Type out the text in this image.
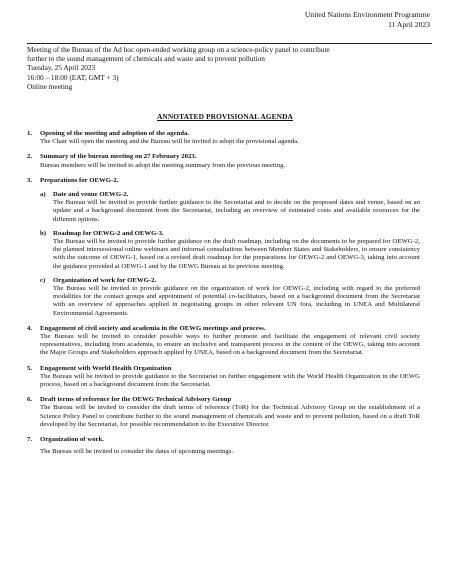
United Nations Environment Programme
11 April 2023
Meeting of the Bureau of the Ad hoc open-ended working group on a science-policy panel to contribute
further to the sound management of chemicals and waste and to prevent pollution
Tuesday, 25 April 2023
16:00 – 18:00 (EAT; GMT + 3)
Online meeting
ANNOTATED PROVISIONAL AGENDA
1. Opening of the meeting and adoption of the agenda.
The Chair will open the meeting and the Bureau will be invited to adopt the provisional agenda.
2. Summary of the bureau meeting on 27 February 2023.
Bureau members will be invited to adopt the meeting summary from the previous meeting.
3. Preparations for OEWG-2.
a) Date and venue OEWG-2.
The Bureau will be invited to provide further guidance to the Secretariat and to decide on the proposed dates and venue, based on an update and a background document from the Secretariat, including an overview of estimated costs and available resources for the different options.
b) Roadmap for OEWG-2 and OEWG-3.
The Bureau will be invited to provide further guidance on the draft roadmap, including on the documents to be prepared for OEWG-2, the planned intersessional online webinars and informal consultations between Member States and Stakeholders, to ensure consistency with the outcome of OEWG-1, based on a revised draft roadmap for the preparations for OEWG-2 and OEWG-3, taking into account the guidance provided at OEWG-1 and by the OEWG Bureau at its previous meeting.
c) Organization of work for OEWG-2.
The Bureau will be invited to provide guidance on the organization of work for OEWG-2, including with regard to the preferred modalities for the contact groups and appointment of potential co-facilitators, based on a background document from the Secretariat with an overview of approaches applied in negotiating groups in other relevant UN fora, including in UNEA and Multilateral Environmental Agreements.
4. Engagement of civil society and academia in the OEWG meetings and process.
The Bureau will be invited to consider possible ways to further promote and facilitate the engagement of relevant civil society representatives, including from academia, to ensure an inclusive and transparent process in the content of the OEWG, taking into account the Major Groups and Stakeholders approach applied by UNEA, based on a background document from the Secretariat.
5. Engagement with World Health Organization
The Bureau will be invited to provide guidance to the Secretariat on further engagement with the World Health Organization in the OEWG process, based on a background document from the Secretariat.
6. Draft terms of reference for the OEWG Technical Advisory Group
The Bureau will be invited to consider the draft terms of reference (ToR) for the Technical Advisory Group on the establishment of a Science Policy Panel to contribute further to the sound management of chemicals and waste and to prevent pollution, based on a draft ToR developed by the Secretariat, for possible recommendation to the Executive Director.
7. Organization of work.
The Bureau will be invited to consider the dates of upcoming meetings.
